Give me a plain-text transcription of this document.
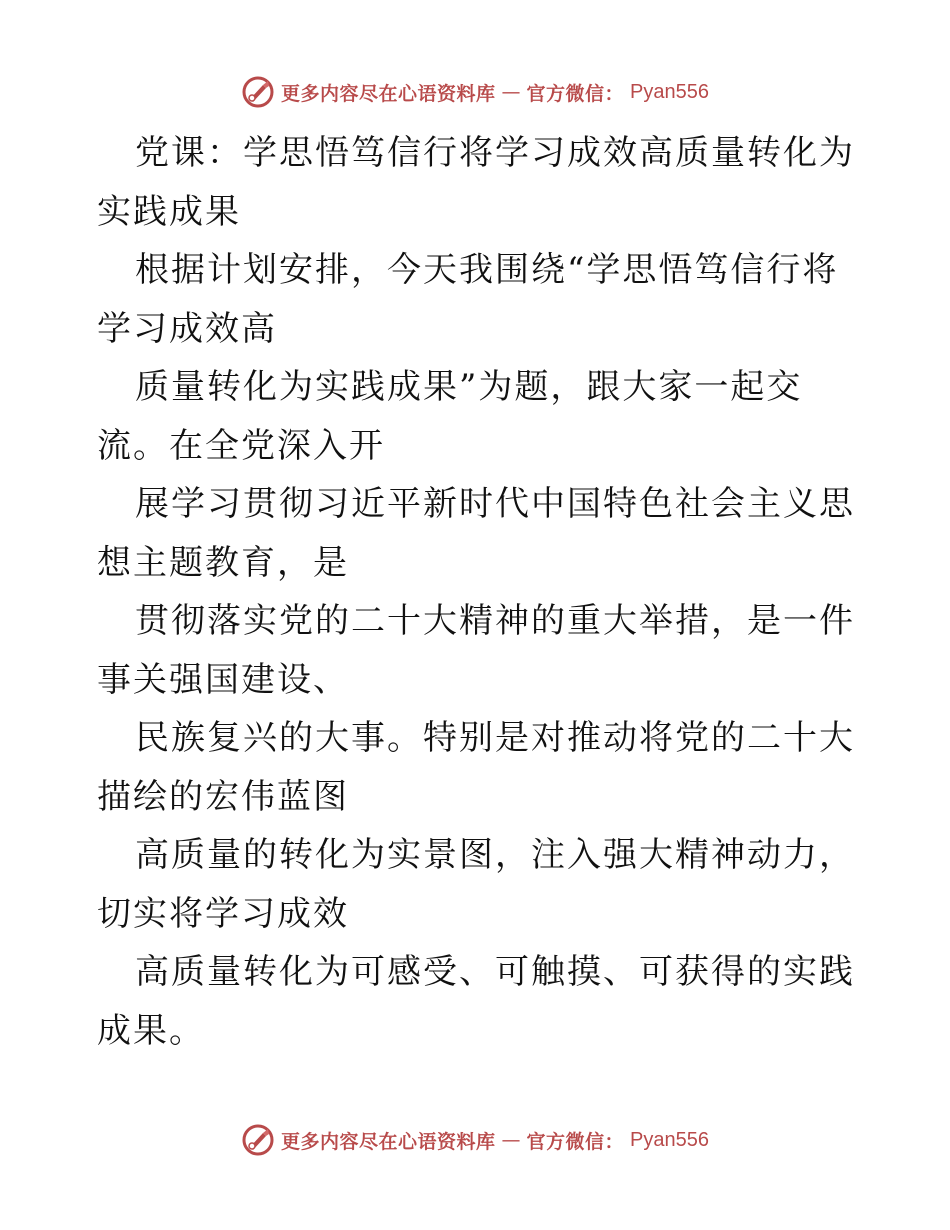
更多内容尽在心语资料库 — 官方微信： Pyan556

党课：学思悟笃信行将学习成效高质量转化为实践成果

根据计划安排，今天我围绕“学思悟笃信行将学习成效高

质量转化为实践成果”为题，跟大家一起交流。在全党深入开

展学习贯彻习近平新时代中国特色社会主义思想主题教育，是

贯彻落实党的二十大精神的重大举措，是一件事关强国建设、

民族复兴的大事。特别是对推动将党的二十大描绘的宏伟蓝图

高质量的转化为实景图，注入强大精神动力，切实将学习成效

高质量转化为可感受、可触摸、可获得的实践成果。

更多内容尽在心语资料库 — 官方微信： Pyan556
